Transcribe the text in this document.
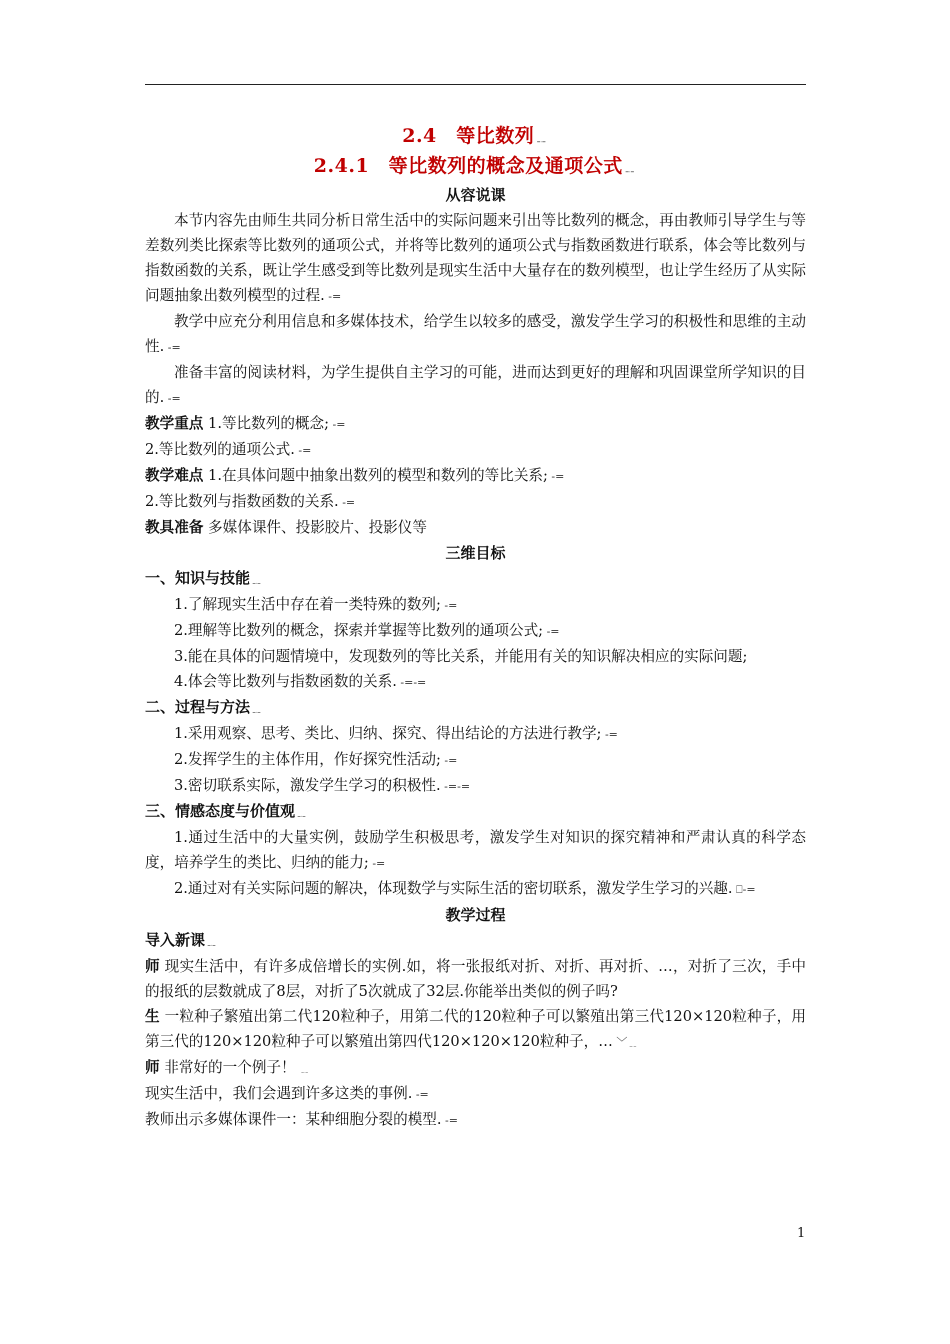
2.4　等比数列﹎
2.4.1　等比数列的概念及通项公式﹎
从容说课

本节内容先由师生共同分析日常生活中的实际问题来引出等比数列的概念，再由教师引导学生与等差数列类比探索等比数列的通项公式，并将等比数列的通项公式与指数函数进行联系，体会等比数列与指数函数的关系，既让学生感受到等比数列是现实生活中大量存在的数列模型，也让学生经历了从实际问题抽象出数列模型的过程. -=

教学中应充分利用信息和多媒体技术，给学生以较多的感受，激发学生学习的积极性和思维的主动性. -=

准备丰富的阅读材料，为学生提供自主学习的可能，进而达到更好的理解和巩固课堂所学知识的目的. -=

教学重点 1.等比数列的概念; -=

2.等比数列的通项公式. -=

教学难点 1.在具体问题中抽象出数列的模型和数列的等比关系; -=

2.等比数列与指数函数的关系. -=

教具准备 多媒体课件、投影胶片、投影仪等

三维目标
一、知识与技能﹎

1.了解现实生活中存在着一类特殊的数列; -=

2.理解等比数列的概念，探索并掌握等比数列的通项公式; -=

3.能在具体的问题情境中，发现数列的等比关系，并能用有关的知识解决相应的实际问题;

4.体会等比数列与指数函数的关系. -=-=

二、过程与方法﹎

1.采用观察、思考、类比、归纳、探究、得出结论的方法进行教学; -=

2.发挥学生的主体作用，作好探究性活动; -=

3.密切联系实际，激发学生学习的积极性. -=-=

三、情感态度与价值观﹎

1.通过生活中的大量实例，鼓励学生积极思考，激发学生对知识的探究精神和严肃认真的科学态度，培养学生的类比、归纳的能力; -=

2.通过对有关实际问题的解决，体现数学与实际生活的密切联系，激发学生学习的兴趣. ⎕-=

教学过程
导入新课﹎

师 现实生活中，有许多成倍增长的实例.如，将一张报纸对折、对折、再对折、…，对折了三次，手中的报纸的层数就成了8层，对折了5次就成了32层.你能举出类似的例子吗?

生 一粒种子繁殖出第二代120粒种子，用第二代的120粒种子可以繁殖出第三代120×120粒种子，用第三代的120×120粒种子可以繁殖出第四代120×120×120粒种子，… ﹀﹎

师 非常好的一个例子！ ﹎

现实生活中，我们会遇到许多这类的事例. -=

教师出示多媒体课件一：某种细胞分裂的模型. -=

1
